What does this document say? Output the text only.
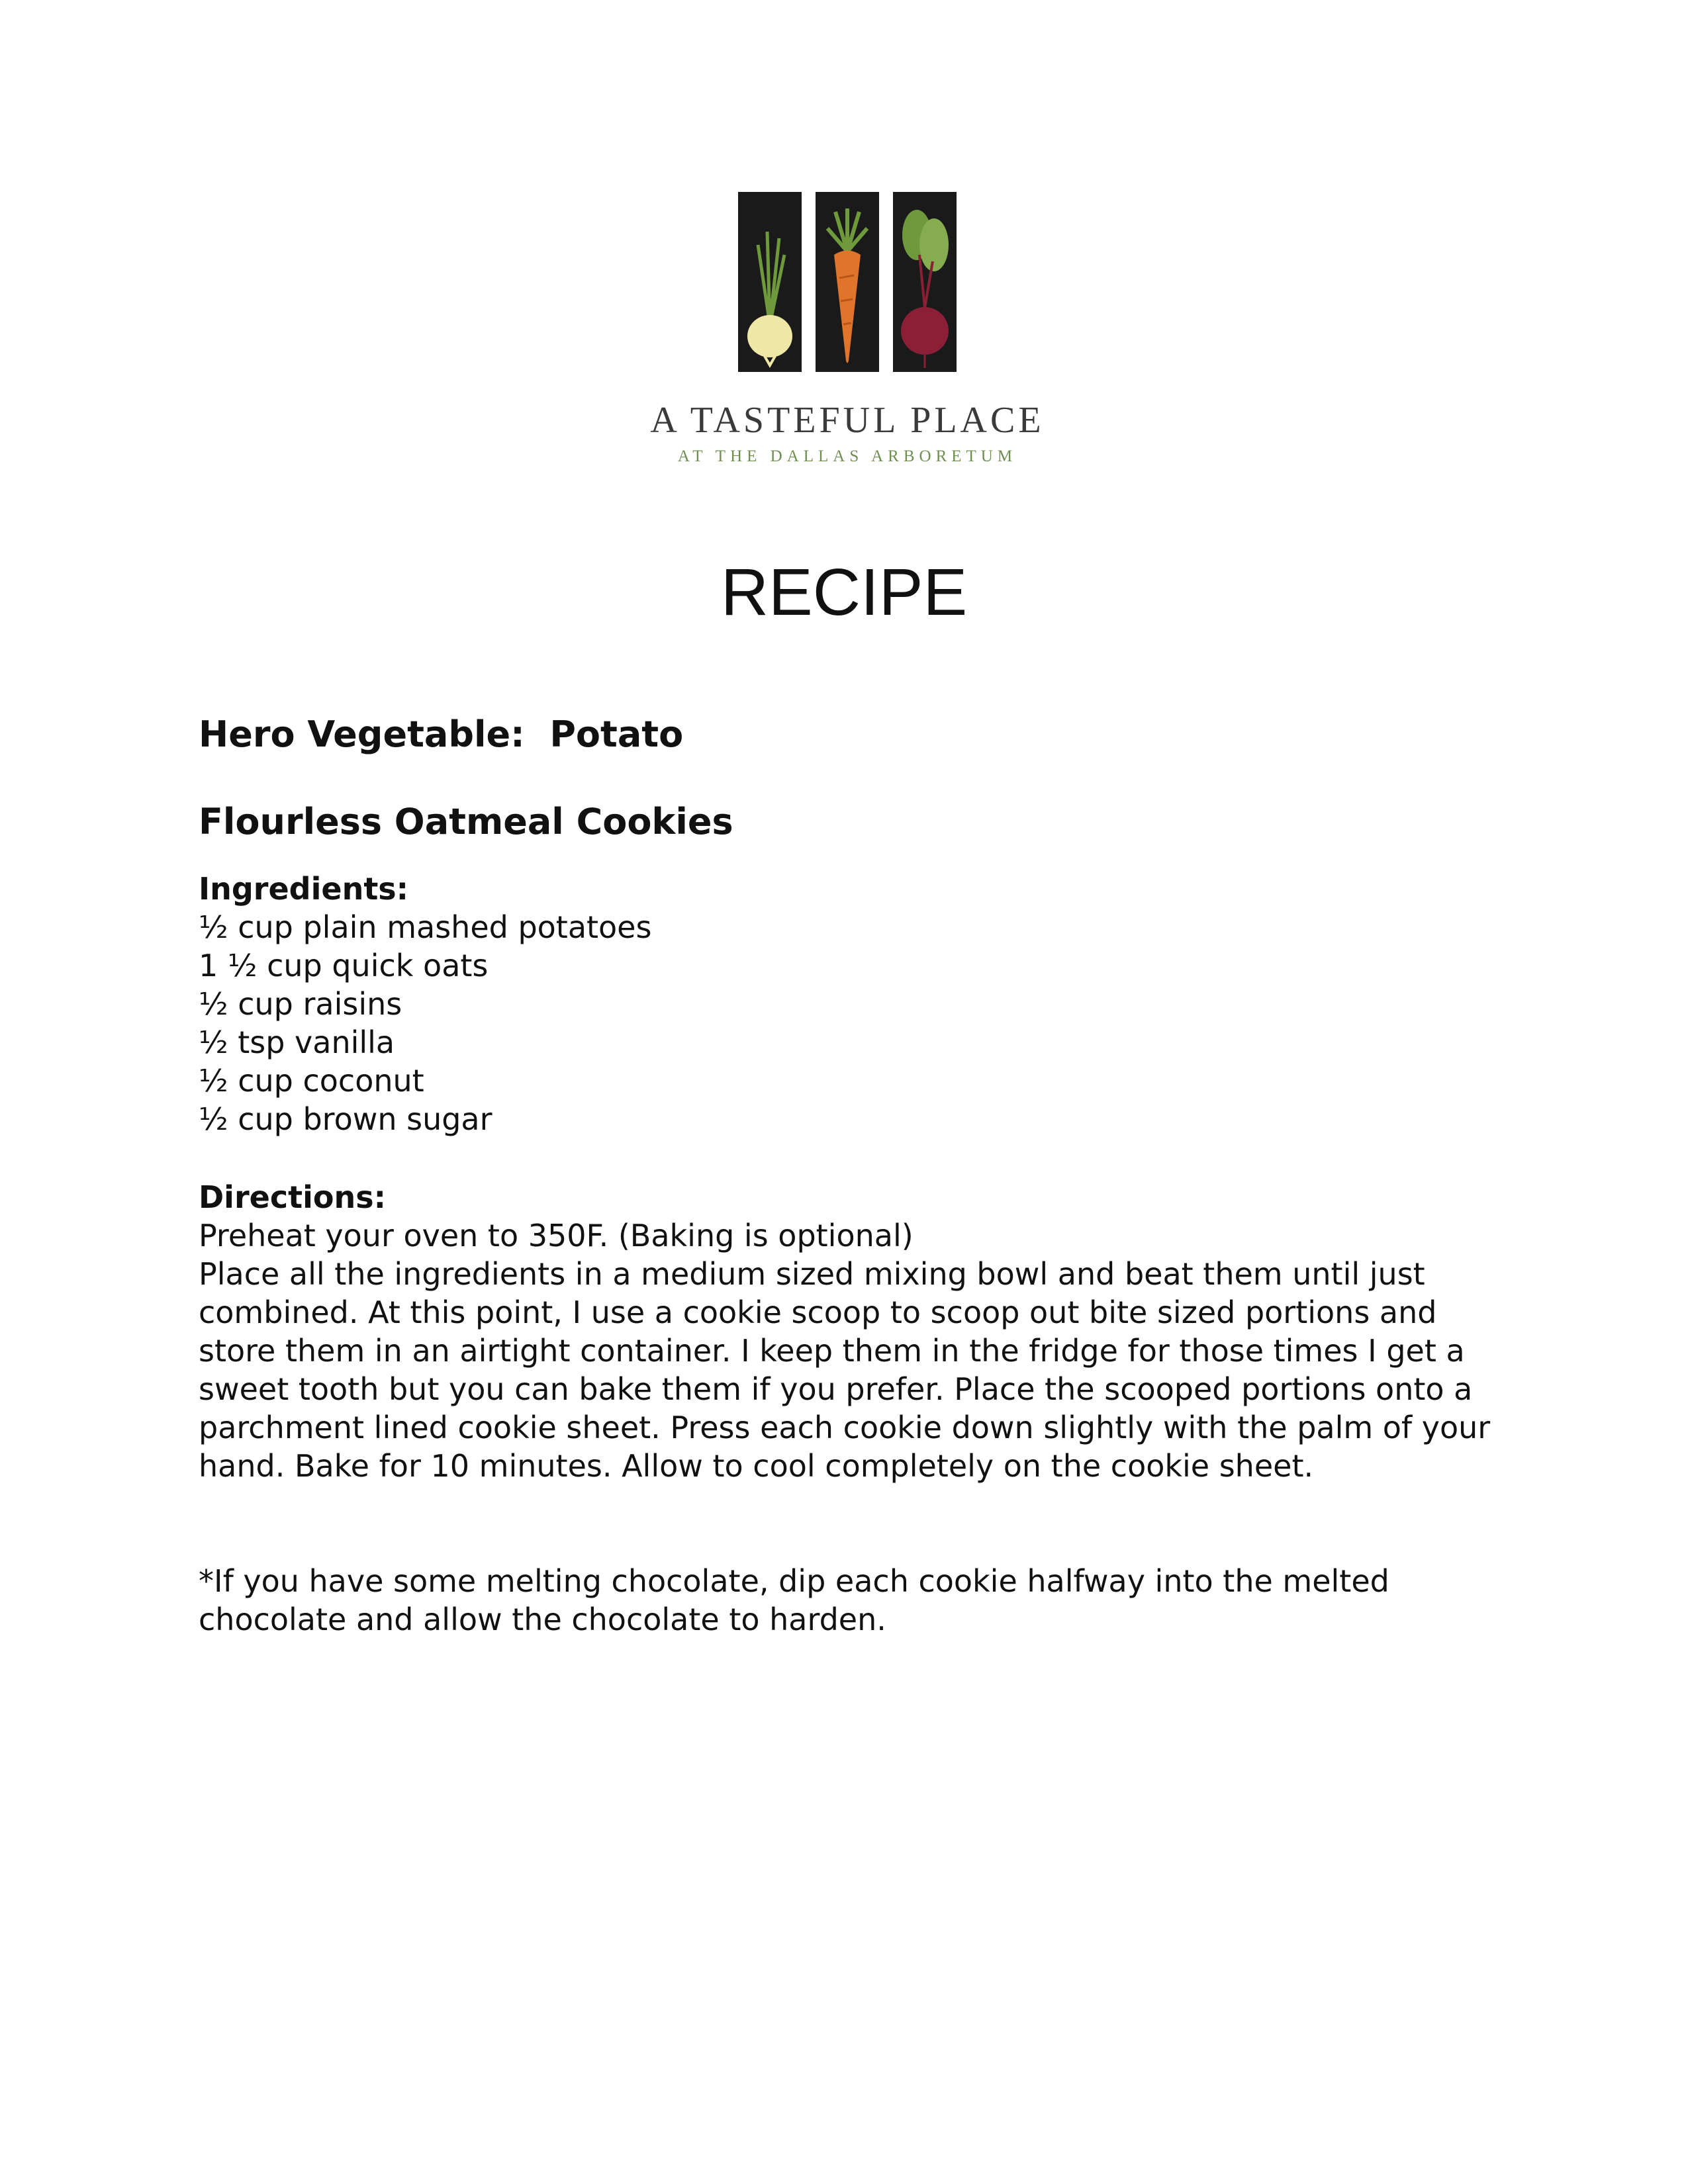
A TASTEFUL PLACE
AT THE DALLAS ARBORETUM
RECIPE

Hero Vegetable: Potato

Flourless Oatmeal Cookies

Ingredients:

½ cup plain mashed potatoes
1 ½ cup quick oats
½ cup raisins
½ tsp vanilla
½ cup coconut
½ cup brown sugar

Directions:

Preheat your oven to 350F. (Baking is optional)

Place all the ingredients in a medium sized mixing bowl and beat them until just combined. At this point, I use a cookie scoop to scoop out bite sized portions and store them in an airtight container. I keep them in the fridge for those times I get a sweet tooth but you can bake them if you prefer. Place the scooped portions onto a parchment lined cookie sheet. Press each cookie down slightly with the palm of your hand. Bake for 10 minutes. Allow to cool completely on the cookie sheet.

*If you have some melting chocolate, dip each cookie halfway into the melted chocolate and allow the chocolate to harden.
